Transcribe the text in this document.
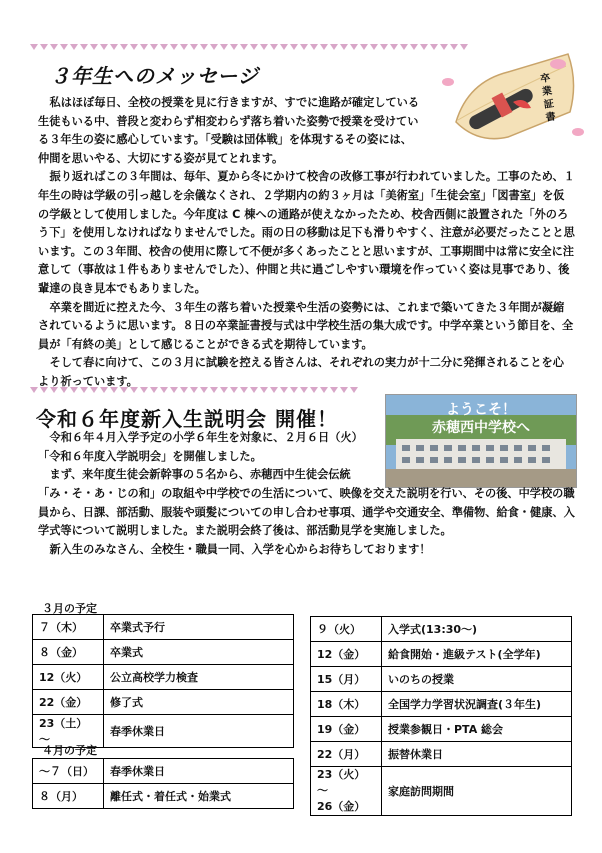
３年生へのメッセージ	卒業証書

私はほぼ毎日、全校の授業を見に行きますが、すでに進路が確定している生徒もいる中、普段と変わらず相変わらず落ち着いた姿勢で授業を受けている３年生の姿に感心しています。「受験は団体戦」を体現するその姿には、仲間を思いやる、大切にする姿が見てとれます。

振り返ればこの３年間は、毎年、夏から冬にかけて校舎の改修工事が行われていました。工事のため、１年生の時は学級の引っ越しを余儀なくされ、２学期内の約３ヶ月は「美術室」「生徒会室」「図書室」を仮の学級として使用しました。今年度は C 棟への通路が使えなかったため、校舎西側に設置された「外のろう下」を使用しなければなりませんでした。雨の日の移動は足下も滑りやすく、注意が必要だったことと思います。この３年間、校舎の使用に際して不便が多くあったことと思いますが、工事期間中は常に安全に注意して（事故は１件もありませんでした）、仲間と共に過ごしやすい環境を作っていく姿は見事であり、後輩達の良き見本でもありました。

卒業を間近に控えた今、３年生の落ち着いた授業や生活の姿勢には、これまで築いてきた３年間が凝縮されているように思います。８日の卒業証書授与式は中学校生活の集大成です。中学卒業という節目を、全員が「有終の美」として感じることができる式を期待しています。

そして春に向けて、この３月に試験を控える皆さんは、それぞれの実力が十二分に発揮されることを心より祈っています。

令和６年度新入生説明会 開催！	ようこそ！
赤穂西中学校へ

令和６年４月入学予定の小学６年生を対象に、２月６日（火）

「令和６年度入学説明会」を開催しました。

まず、来年度生徒会新幹事の５名から、赤穂西中生徒会伝統

「み・そ・あ・じの和」の取組や中学校での生活について、映像を交えた説明を行い、その後、中学校の職員から、日課、部活動、服装や頭髪についての申し合わせ事項、通学や交通安全、準備物、給食・健康、入学式等について説明しました。また説明会終了後は、部活動見学を実施しました。

新入生のみなさん、全校生・職員一同、入学を心からお待ちしております！

３月の予定
７（木）	卒業式予行
８（金）	卒業式
12（火）	公立高校学力検査
22（金）	修了式
23（土）～	春季休業日
４月の予定
～７（日）	春季休業日
８（月）	離任式・着任式・始業式
９（火）	入学式(13:30～)
12（金）	給食開始・進級テスト(全学年)
15（月）	いのちの授業
18（木）	全国学力学習状況調査(３年生)
19（金）	授業参観日・PTA 総会
22（月）	振替休業日
23（火）～
26（金）	家庭訪問期間
